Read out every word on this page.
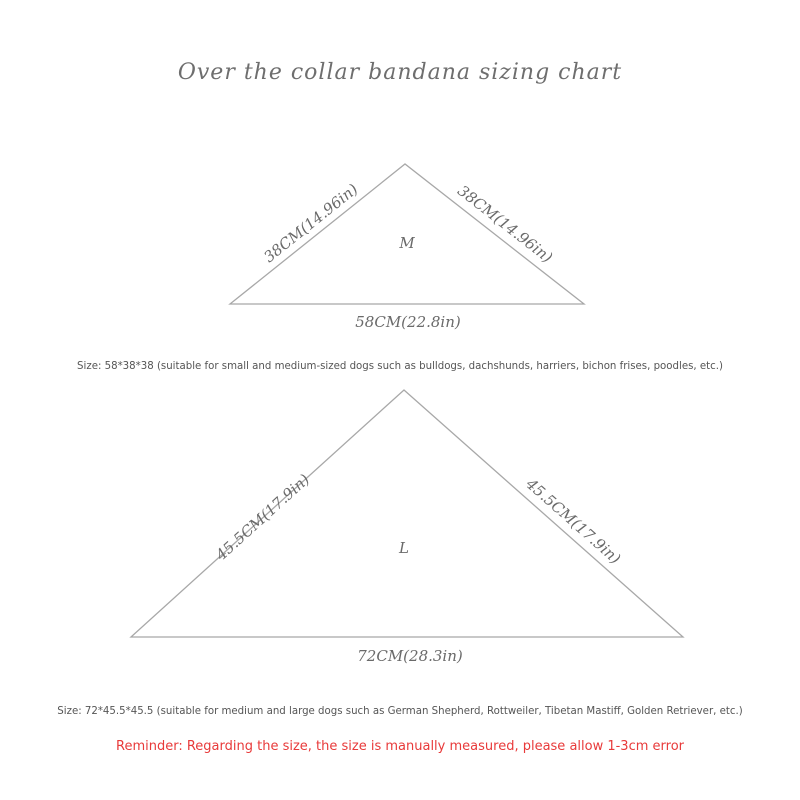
Over the collar bandana sizing chart
M
38CM(14.96in)	38CM(14.96in)
58CM(22.8in)
L
45.5CM(17.9in)	45.5CM(17.9in)
72CM(28.3in)
Size: 58*38*38 (suitable for small and medium-sized dogs such as bulldogs, dachshunds, harriers, bichon frises, poodles, etc.)
Size: 72*45.5*45.5 (suitable for medium and large dogs such as German Shepherd, Rottweiler, Tibetan Mastiff, Golden Retriever, etc.)
Reminder: Regarding the size, the size is manually measured, please allow 1-3cm error
